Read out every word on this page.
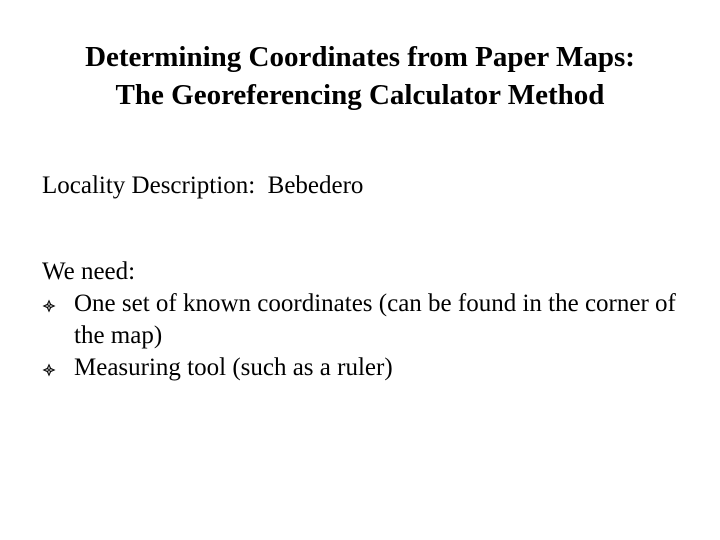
Determining Coordinates from Paper Maps:
The Georeferencing Calculator Method
Locality Description: Bebedero
We need:
One set of known coordinates (can be found in the corner of the map)
Measuring tool (such as a ruler)
